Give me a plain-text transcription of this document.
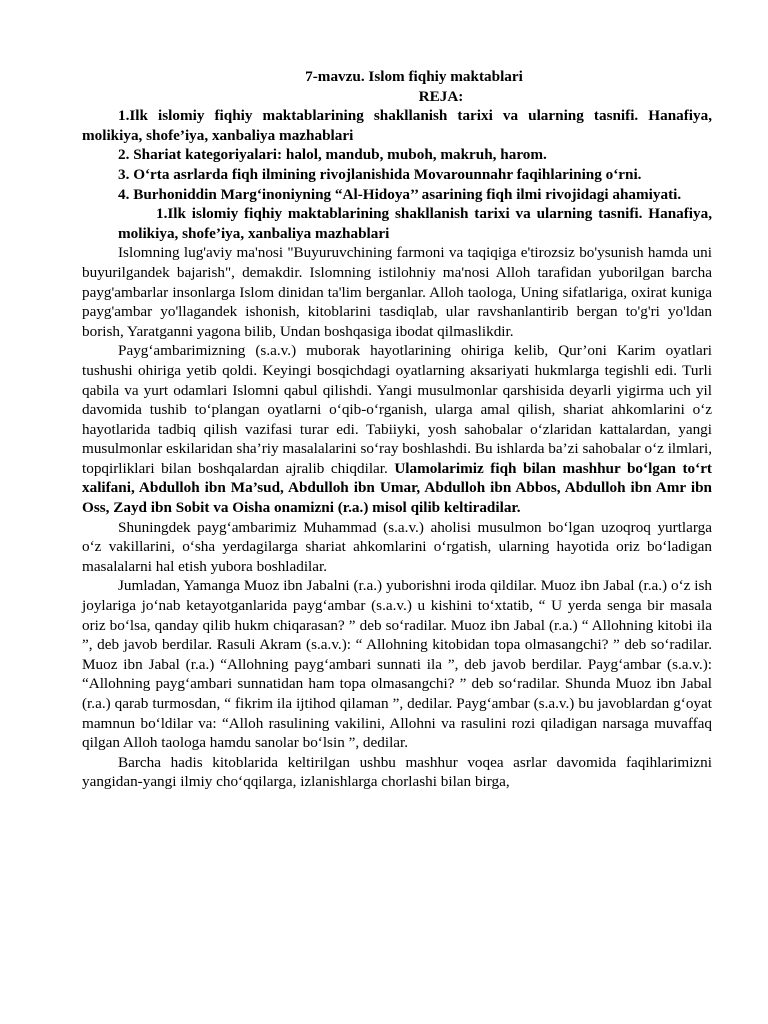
7-mavzu. Islom fiqhiy maktablari

REJA:

1.Ilk islomiy fiqhiy maktablarining shakllanish tarixi va ularning tasnifi. Hanafiya, molikiya, shofe’iya, xanbaliya mazhablari

2. Shariat kategoriyalari: halol, mandub, muboh, makruh, harom.

3. O‘rta asrlarda fiqh ilmining rivojlanishida Movarounnahr faqihlarining o‘rni.

4. Burhoniddin Marg‘inoniyning “Al-Hidoya’’ asarining fiqh ilmi rivojidagi ahamiyati.

1.Ilk islomiy fiqhiy maktablarining shakllanish tarixi va ularning tasnifi. Hanafiya, molikiya, shofe’iya, xanbaliya mazhablari

Islomning lug'aviy ma'nosi "Buyuruvchining farmoni va taqiqiga e'tirozsiz bo'ysunish hamda uni buyurilgandek bajarish", demakdir. Islomning istilohniy ma'nosi Alloh tarafidan yuborilgan barcha payg'ambarlar insonlarga Islom dinidan ta'lim berganlar. Alloh taologa, Uning sifatlariga, oxirat kuniga payg'ambar yo'llagandek ishonish, kitoblarini tasdiqlab, ular ravshanlantirib bergan to'g'ri yo'ldan borish, Yaratganni yagona bilib, Undan boshqasiga ibodat qilmaslikdir.

Payg‘ambarimizning (s.a.v.) muborak hayotlarining ohiriga kelib, Qur’oni Karim oyatlari tushushi ohiriga yetib qoldi. Keyingi bosqichdagi oyatlarning aksariyati hukmlarga tegishli edi. Turli qabila va yurt odamlari Islomni qabul qilishdi. Yangi musulmonlar qarshisida deyarli yigirma uch yil davomida tushib to‘plangan oyatlarni o‘qib-o‘rganish, ularga amal qilish, shariat ahkomlarini o‘z hayotlarida tadbiq qilish vazifasi turar edi. Tabiiyki, yosh sahobalar o‘zlaridan kattalardan, yangi musulmonlar eskilaridan sha’riy masalalarini so‘ray boshlashdi. Bu ishlarda ba’zi sahobalar o‘z ilmlari, topqirliklari bilan boshqalardan ajralib chiqdilar. Ulamolarimiz fiqh bilan mashhur bo‘lgan to‘rt xalifani, Abdulloh ibn Ma’sud, Abdulloh ibn Umar, Abdulloh ibn Abbos, Abdulloh ibn Amr ibn Oss, Zayd ibn Sobit va Oisha onamizni (r.a.) misol qilib keltiradilar.

Shuningdek payg‘ambarimiz Muhammad (s.a.v.) aholisi musulmon bo‘lgan uzoqroq yurtlarga o‘z vakillarini, o‘sha yerdagilarga shariat ahkomlarini o‘rgatish, ularning hayotida oriz bo‘ladigan masalalarni hal etish yubora boshladilar.

Jumladan, Yamanga Muoz ibn Jabalni (r.a.) yuborishni iroda qildilar. Muoz ibn Jabal (r.a.) o‘z ish joylariga jo‘nab ketayotganlarida payg‘ambar (s.a.v.) u kishini to‘xtatib, “ U yerda senga bir masala oriz bo‘lsa, qanday qilib hukm chiqarasan? ” deb so‘radilar. Muoz ibn Jabal (r.a.) “ Allohning kitobi ila ”, deb javob berdilar. Rasuli Akram (s.a.v.): “ Allohning kitobidan topa olmasangchi? ” deb so‘radilar. Muoz ibn Jabal (r.a.) “Allohning payg‘ambari sunnati ila ”, deb javob berdilar. Payg‘ambar (s.a.v.): “Allohning payg‘ambari sunnatidan ham topa olmasangchi? ” deb so‘radilar. Shunda Muoz ibn Jabal (r.a.) qarab turmosdan, “ fikrim ila ijtihod qilaman ”, dedilar. Payg‘ambar (s.a.v.) bu javoblardan g‘oyat mamnun bo‘ldilar va: “Alloh rasulining vakilini, Allohni va rasulini rozi qiladigan narsaga muvaffaq qilgan Alloh taologa hamdu sanolar bo‘lsin ”, dedilar.

Barcha hadis kitoblarida keltirilgan ushbu mashhur voqea asrlar davomida faqihlarimizni yangidan-yangi ilmiy cho‘qqilarga, izlanishlarga chorlashi bilan birga,
